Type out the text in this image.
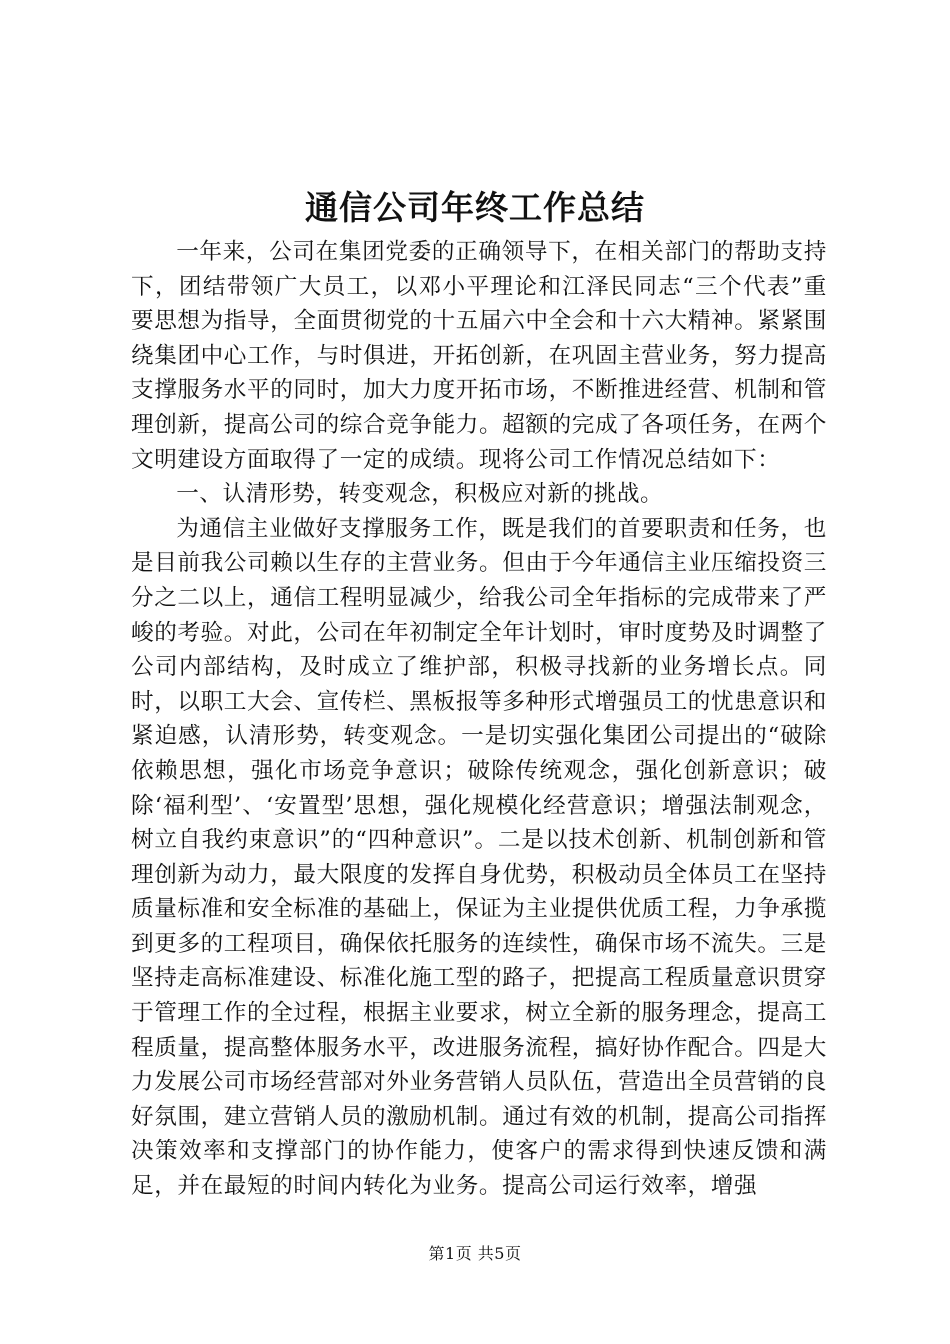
通信公司年终工作总结

一年来，公司在集团党委的正确领导下，在相关部门的帮助支持下，团结带领广大员工，以邓小平理论和江泽民同志“三个代表”重要思想为指导，全面贯彻党的十五届六中全会和十六大精神。紧紧围绕集团中心工作，与时俱进，开拓创新，在巩固主营业务，努力提高支撑服务水平的同时，加大力度开拓市场，不断推进经营、机制和管理创新，提高公司的综合竞争能力。超额的完成了各项任务，在两个文明建设方面取得了一定的成绩。现将公司工作情况总结如下：

一、认清形势，转变观念，积极应对新的挑战。

为通信主业做好支撑服务工作，既是我们的首要职责和任务，也是目前我公司赖以生存的主营业务。但由于今年通信主业压缩投资三分之二以上，通信工程明显减少，给我公司全年指标的完成带来了严峻的考验。对此，公司在年初制定全年计划时，审时度势及时调整了公司内部结构，及时成立了维护部，积极寻找新的业务增长点。同时，以职工大会、宣传栏、黑板报等多种形式增强员工的忧患意识和紧迫感，认清形势，转变观念。一是切实强化集团公司提出的“破除依赖思想，强化市场竞争意识；破除传统观念，强化创新意识；破除‘福利型’、‘安置型’思想，强化规模化经营意识；增强法制观念，树立自我约束意识”的“四种意识”。二是以技术创新、机制创新和管理创新为动力，最大限度的发挥自身优势，积极动员全体员工在坚持质量标准和安全标准的基础上，保证为主业提供优质工程，力争承揽到更多的工程项目，确保依托服务的连续性，确保市场不流失。三是坚持走高标准建设、标准化施工型的路子，把提高工程质量意识贯穿于管理工作的全过程，根据主业要求，树立全新的服务理念，提高工程质量，提高整体服务水平，改进服务流程，搞好协作配合。四是大力发展公司市场经营部对外业务营销人员队伍，营造出全员营销的良好氛围，建立营销人员的激励机制。通过有效的机制，提高公司指挥决策效率和支撑部门的协作能力，使客户的需求得到快速反馈和满足，并在最短的时间内转化为业务。提高公司运行效率，增强

第1页 共5页
